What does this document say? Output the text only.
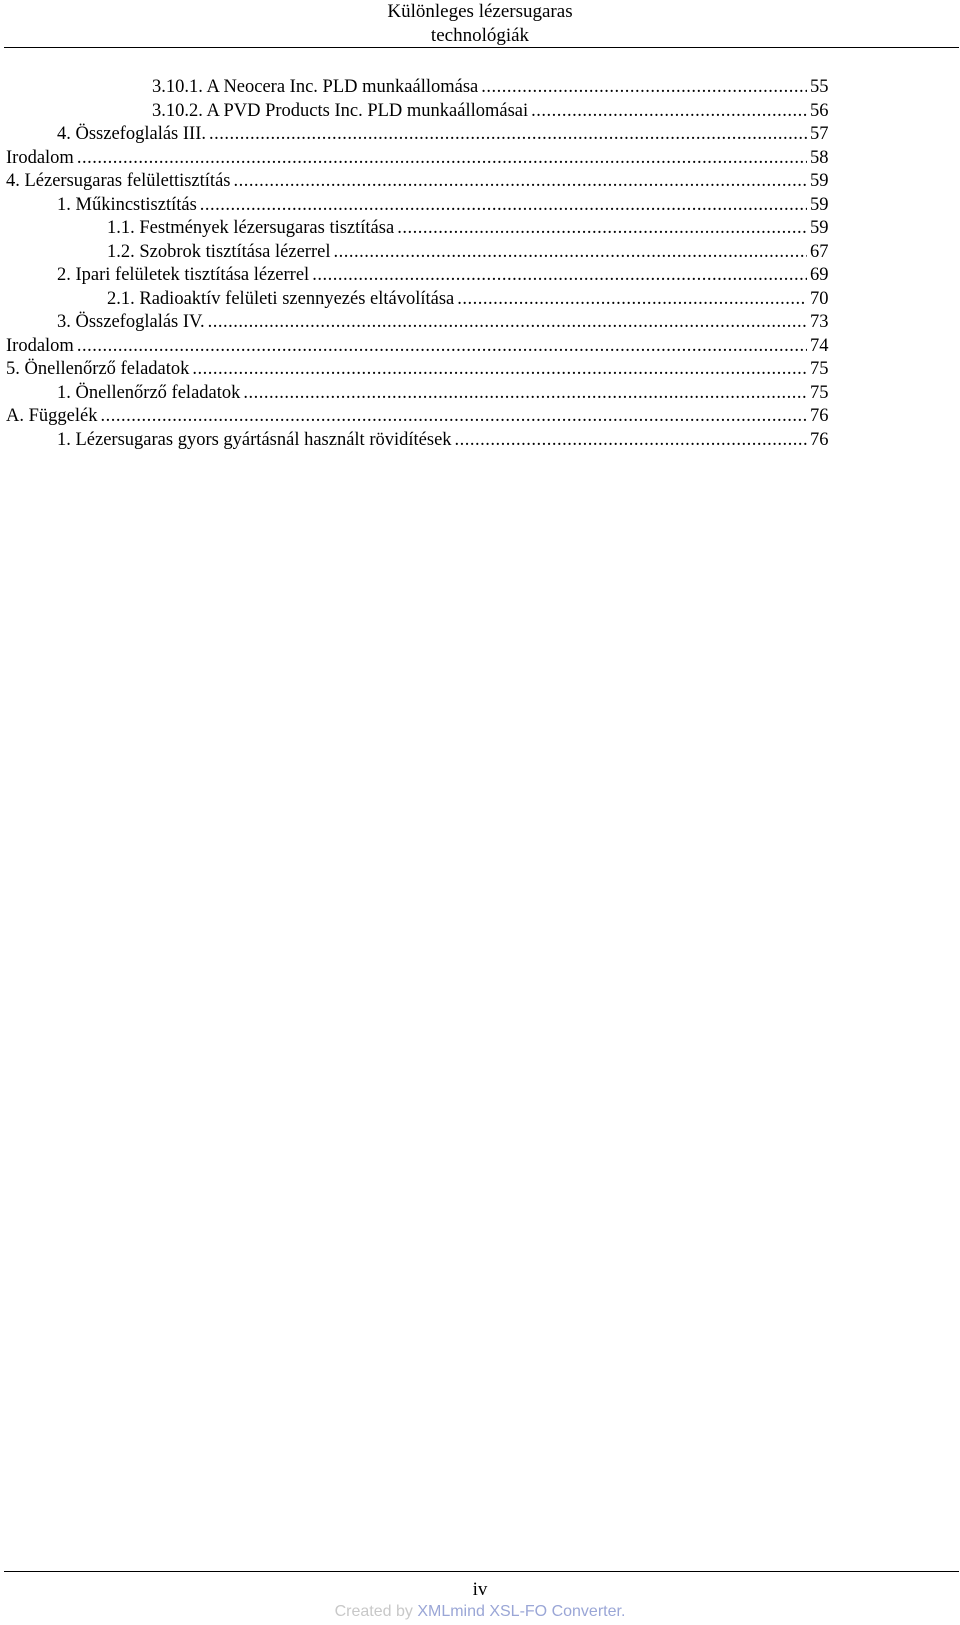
Különleges lézersugaras
technológiák
3.10.1. A Neocera Inc. PLD munkaállomása .....	55
3.10.2. A PVD Products Inc. PLD munkaállomásai .....	56
4. Összefoglalás III. .....	57
Irodalom .....	58
4. Lézersugaras felülettisztítás .....	59
1. Műkincstisztítás .....	59
1.1. Festmények lézersugaras tisztítása .....	59
1.2. Szobrok tisztítása lézerrel .....	67
2. Ipari felületek tisztítása lézerrel .....	69
2.1. Radioaktív felületi szennyezés eltávolítása .....	70
3. Összefoglalás IV. .....	73
Irodalom .....	74
5. Önellenőrző feladatok .....	75
1. Önellenőrző feladatok .....	75
A. Függelék .....	76
1. Lézersugaras gyors gyártásnál használt rövidítések .....	76
iv
Created by XMLmind XSL-FO Converter.
